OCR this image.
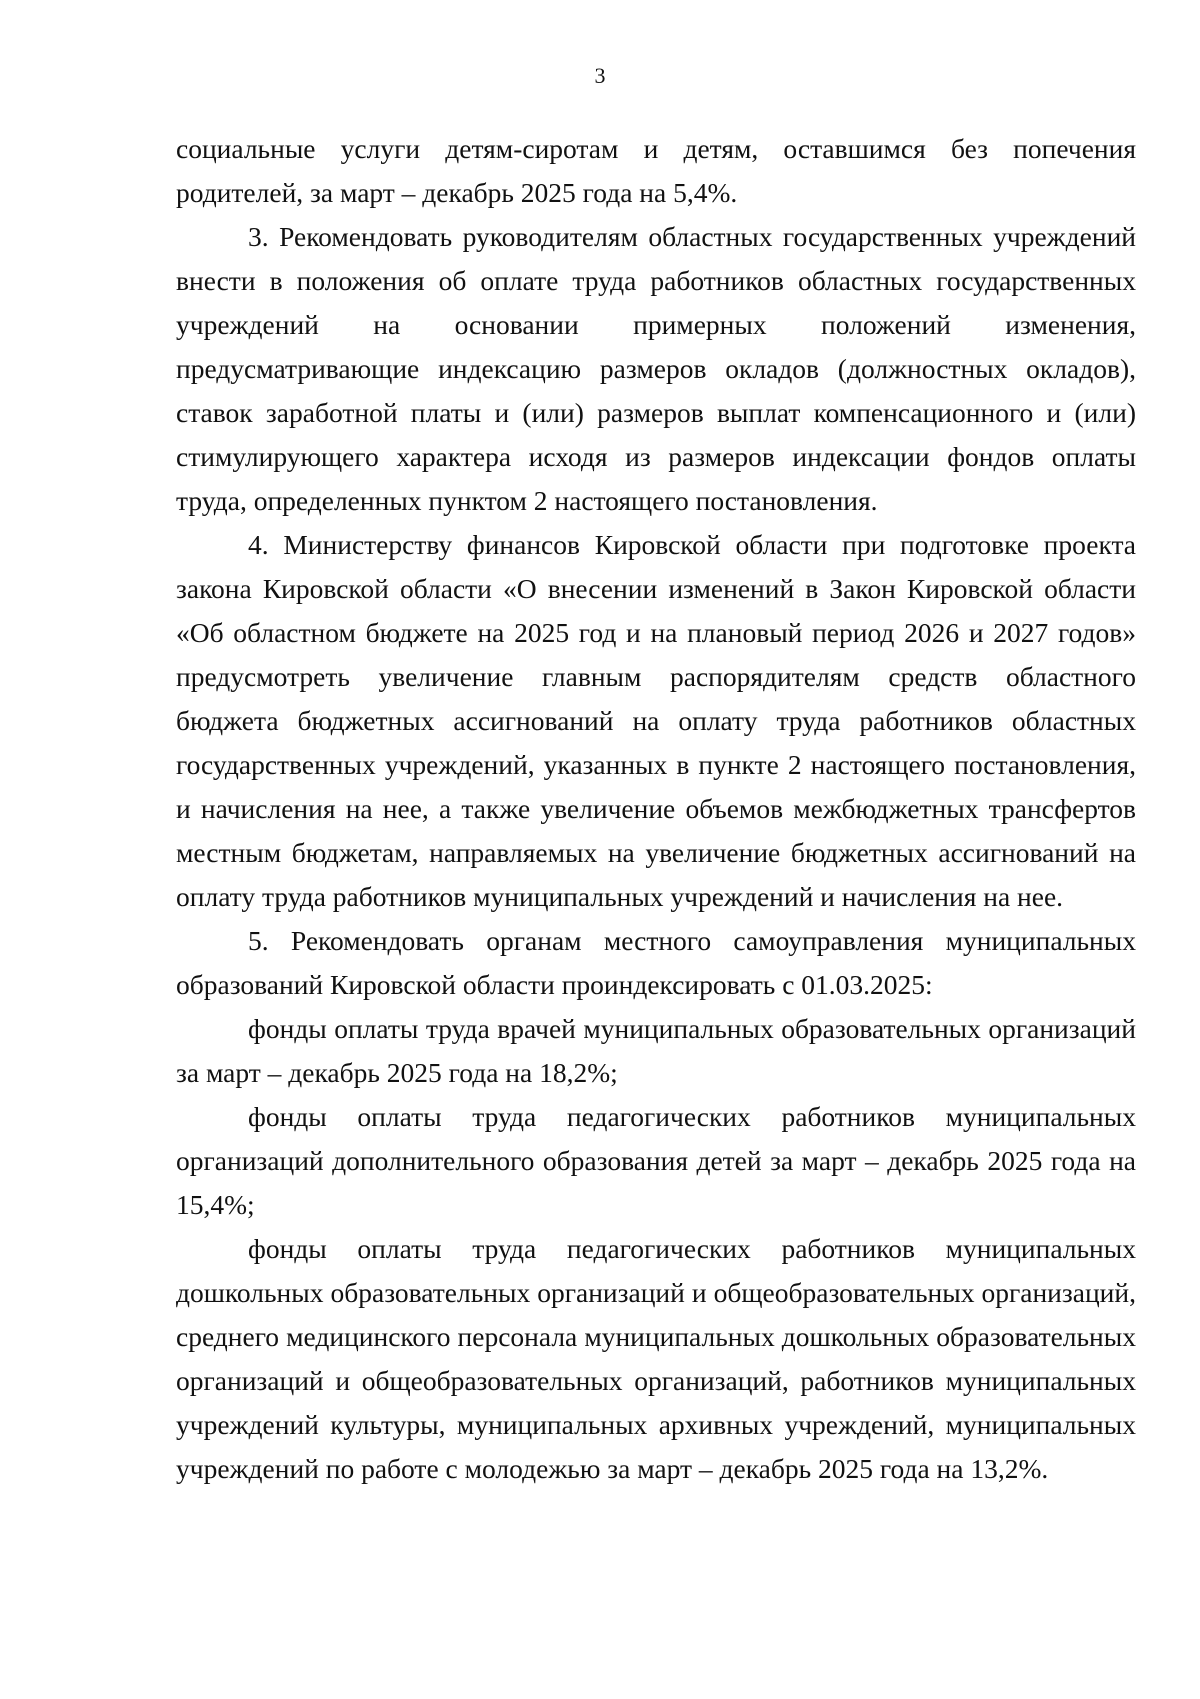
3

социальные услуги детям-сиротам и детям, оставшимся без попечения родителей, за март – декабрь 2025 года на 5,4%.

3. Рекомендовать руководителям областных государственных учреждений внести в положения об оплате труда работников областных государственных учреждений на основании примерных положений изменения, предусматривающие индексацию размеров окладов (должностных окладов), ставок заработной платы и (или) размеров выплат компенсационного и (или) стимулирующего характера исходя из размеров индексации фондов оплаты труда, определенных пунктом 2 настоящего постановления.

4. Министерству финансов Кировской области при подготовке проекта закона Кировской области «О внесении изменений в Закон Кировской области «Об областном бюджете на 2025 год и на плановый период 2026 и 2027 годов» предусмотреть увеличение главным распорядителям средств областного бюджета бюджетных ассигнований на оплату труда работников областных государственных учреждений, указанных в пункте 2 настоящего постановления, и начисления на нее, а также увеличение объемов межбюджетных трансфертов местным бюджетам, направляемых на увеличение бюджетных ассигнований на оплату труда работников муниципальных учреждений и начисления на нее.

5. Рекомендовать органам местного самоуправления муниципальных образований Кировской области проиндексировать с 01.03.2025:

фонды оплаты труда врачей муниципальных образовательных организаций за март – декабрь 2025 года на 18,2%;

фонды оплаты труда педагогических работников муниципальных организаций дополнительного образования детей за март – декабрь 2025 года на 15,4%;

фонды оплаты труда педагогических работников муниципальных дошкольных образовательных организаций и общеобразовательных организаций, среднего медицинского персонала муниципальных дошкольных образовательных организаций и общеобразовательных организаций, работников муниципальных учреждений культуры, муниципальных архивных учреждений, муниципальных учреждений по работе с молодежью за март – декабрь 2025 года на 13,2%.
